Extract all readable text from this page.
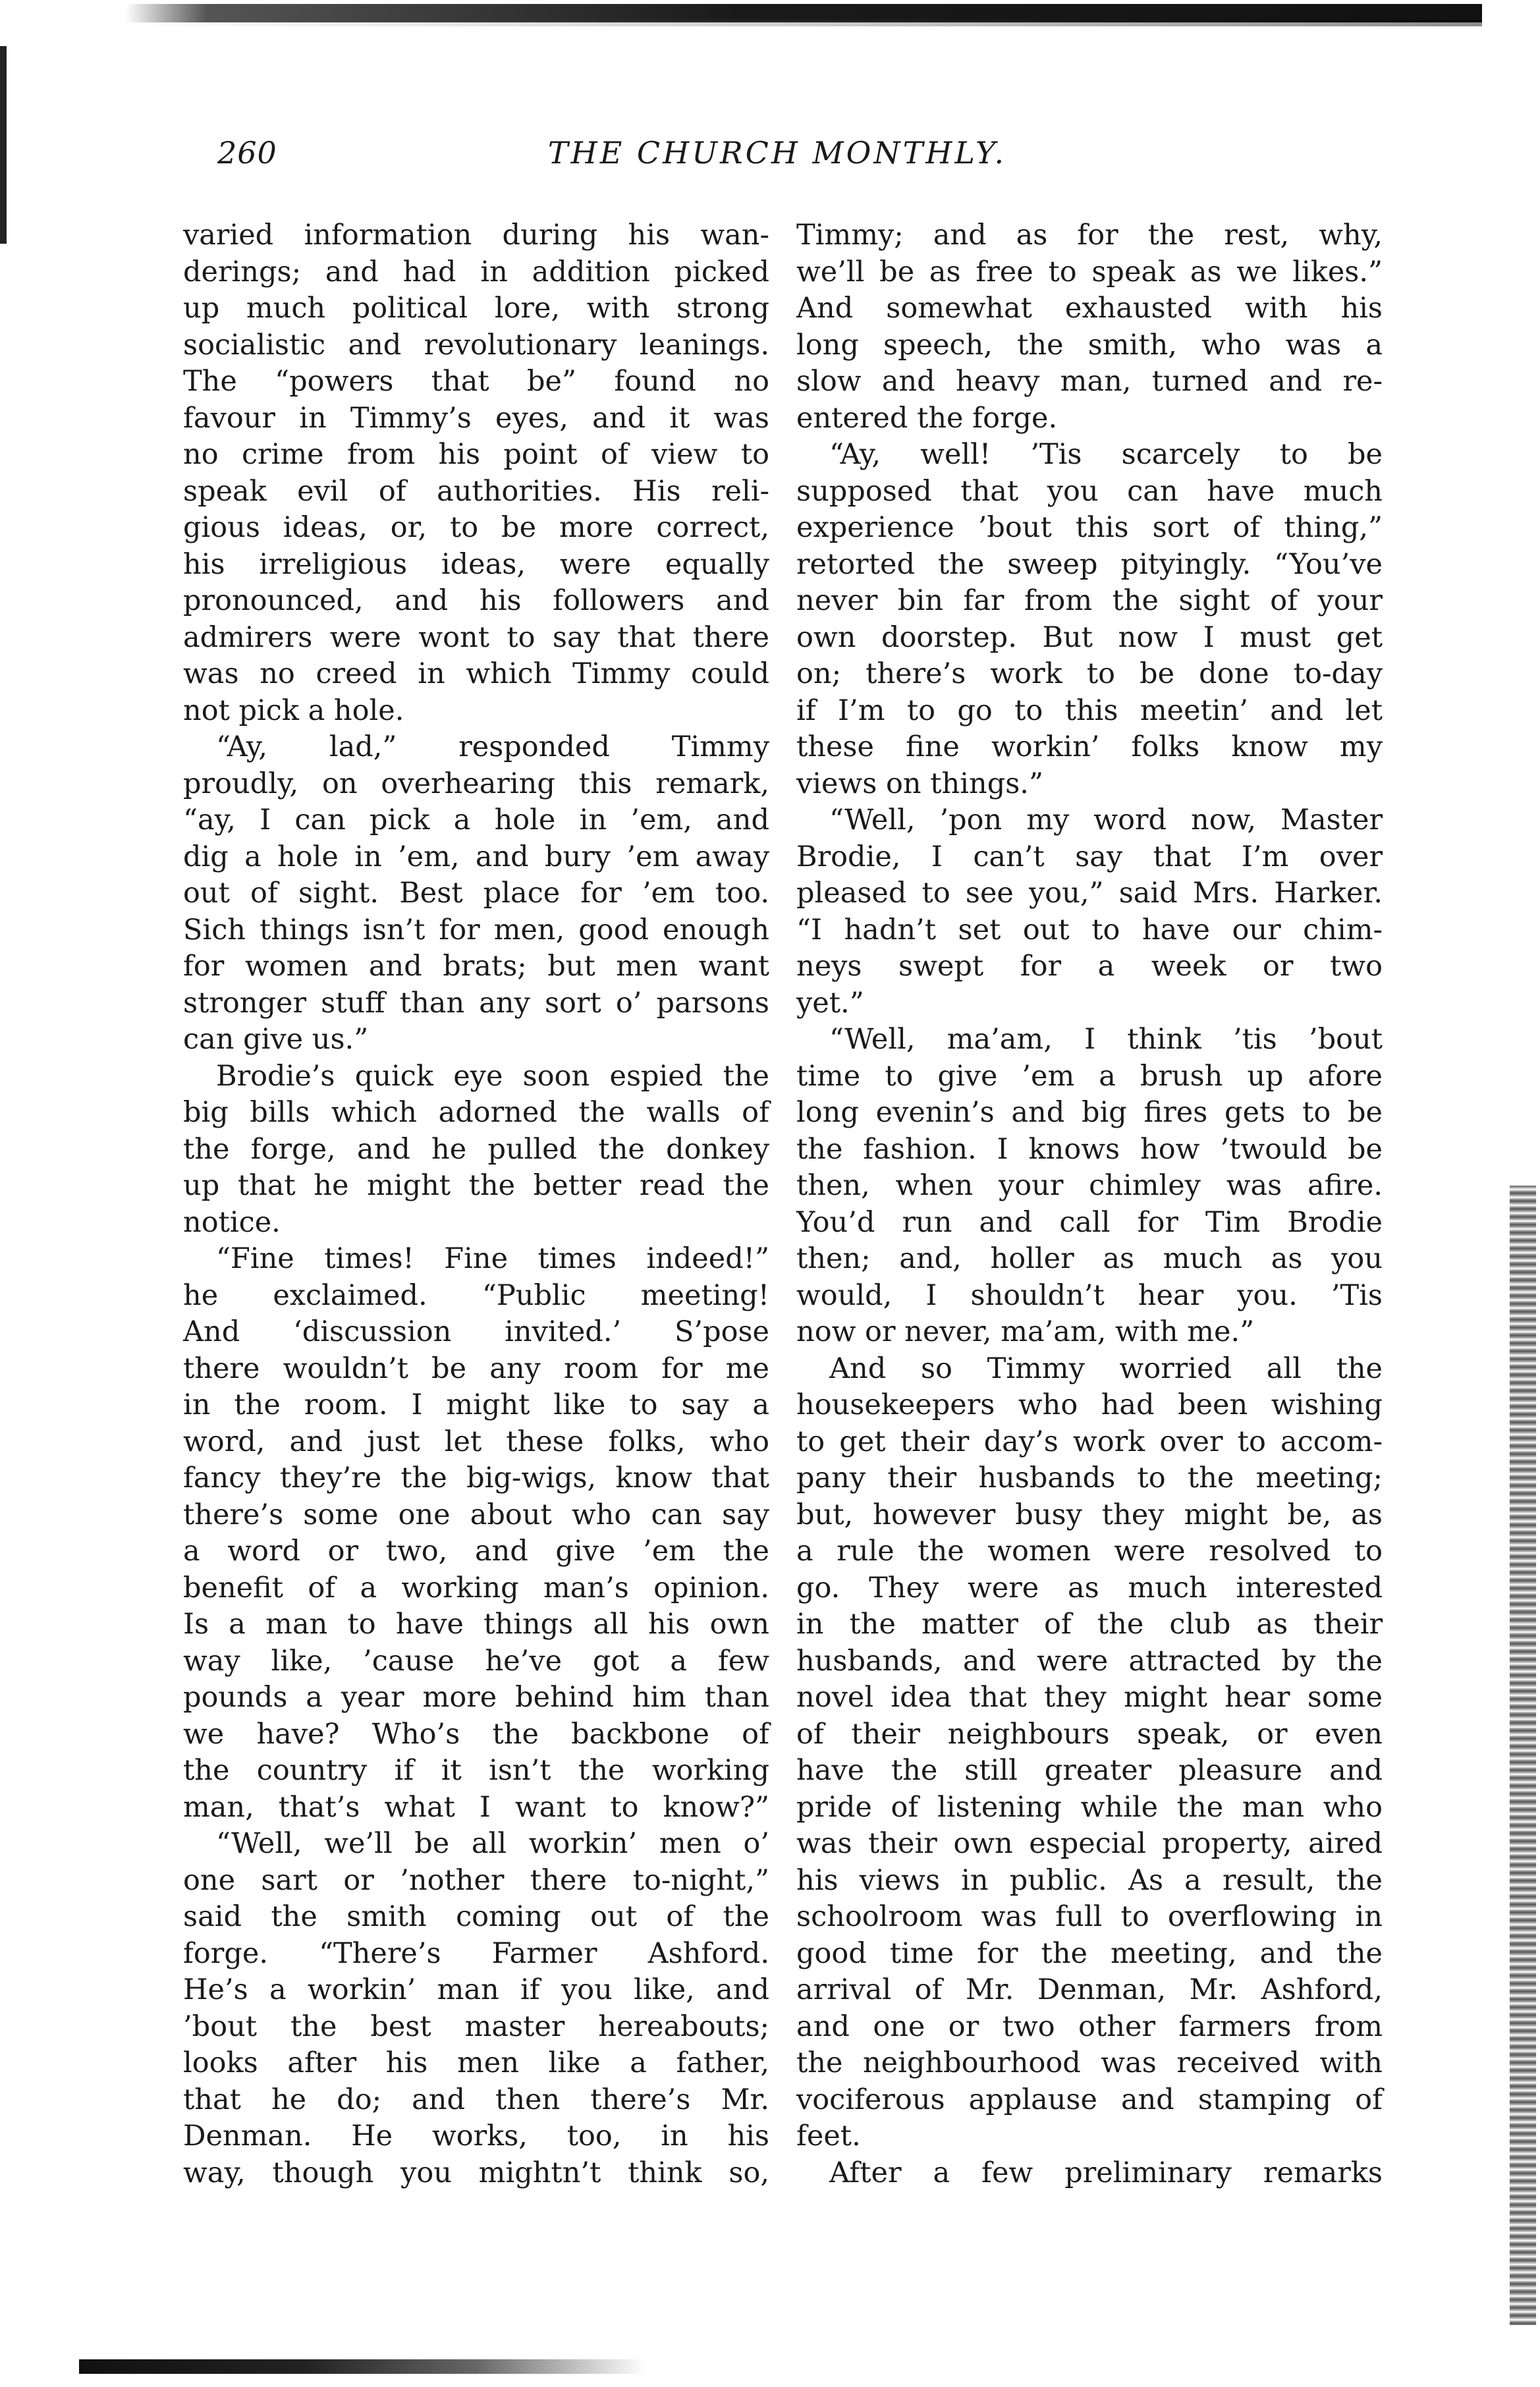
260	THE CHURCH MONTHLY.
varied information during his wan-
derings; and had in addition picked
up much political lore, with strong
socialistic and revolutionary leanings.
The “powers that be” found no
favour in Timmy’s eyes, and it was
no crime from his point of view to
speak evil of authorities. His reli-
gious ideas, or, to be more correct,
his irreligious ideas, were equally
pronounced, and his followers and
admirers were wont to say that there
was no creed in which Timmy could
not pick a hole.
“Ay, lad,” responded Timmy
proudly, on overhearing this remark,
“ay, I can pick a hole in ’em, and
dig a hole in ’em, and bury ’em away
out of sight. Best place for ’em too.
Sich things isn’t for men, good enough
for women and brats; but men want
stronger stuff than any sort o’ parsons
can give us.”
Brodie’s quick eye soon espied the
big bills which adorned the walls of
the forge, and he pulled the donkey
up that he might the better read the
notice.
“Fine times! Fine times indeed!”
he exclaimed. “Public meeting!
And ‘discussion invited.’ S’pose
there wouldn’t be any room for me
in the room. I might like to say a
word, and just let these folks, who
fancy they’re the big-wigs, know that
there’s some one about who can say
a word or two, and give ’em the
benefit of a working man’s opinion.
Is a man to have things all his own
way like, ’cause he’ve got a few
pounds a year more behind him than
we have? Who’s the backbone of
the country if it isn’t the working
man, that’s what I want to know?”
“Well, we’ll be all workin’ men o’
one sart or ’nother there to-night,”
said the smith coming out of the
forge. “There’s Farmer Ashford.
He’s a workin’ man if you like, and
’bout the best master hereabouts;
looks after his men like a father,
that he do; and then there’s Mr.
Denman. He works, too, in his
way, though you mightn’t think so,
Timmy; and as for the rest, why,
we’ll be as free to speak as we likes.”
And somewhat exhausted with his
long speech, the smith, who was a
slow and heavy man, turned and re-
entered the forge.
“Ay, well! ’Tis scarcely to be
supposed that you can have much
experience ’bout this sort of thing,”
retorted the sweep pityingly. “You’ve
never bin far from the sight of your
own doorstep. But now I must get
on; there’s work to be done to-day
if I’m to go to this meetin’ and let
these fine workin’ folks know my
views on things.”
“Well, ’pon my word now, Master
Brodie, I can’t say that I’m over
pleased to see you,” said Mrs. Harker.
“I hadn’t set out to have our chim-
neys swept for a week or two
yet.”
“Well, ma’am, I think ’tis ’bout
time to give ’em a brush up afore
long evenin’s and big fires gets to be
the fashion. I knows how ’twould be
then, when your chimley was afire.
You’d run and call for Tim Brodie
then; and, holler as much as you
would, I shouldn’t hear you. ’Tis
now or never, ma’am, with me.”
And so Timmy worried all the
housekeepers who had been wishing
to get their day’s work over to accom-
pany their husbands to the meeting;
but, however busy they might be, as
a rule the women were resolved to
go. They were as much interested
in the matter of the club as their
husbands, and were attracted by the
novel idea that they might hear some
of their neighbours speak, or even
have the still greater pleasure and
pride of listening while the man who
was their own especial property, aired
his views in public. As a result, the
schoolroom was full to overflowing in
good time for the meeting, and the
arrival of Mr. Denman, Mr. Ashford,
and one or two other farmers from
the neighbourhood was received with
vociferous applause and stamping of
feet.
After a few preliminary remarks
